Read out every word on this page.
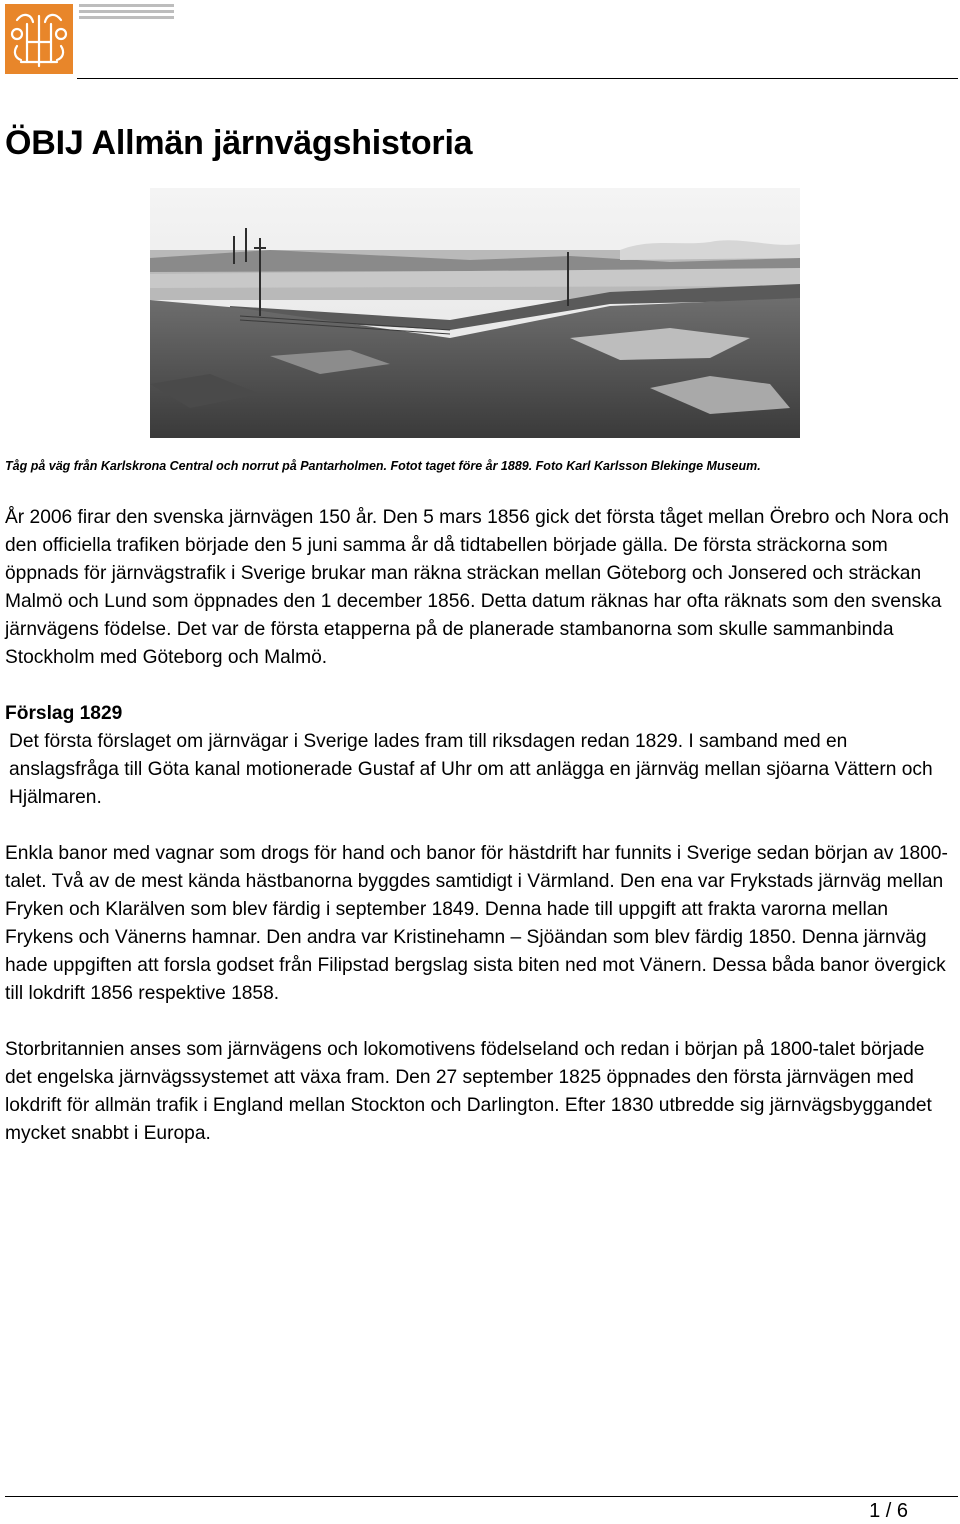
ÖBIJ Allmän järnvägshistoria
Tåg på väg från Karlskrona Central och norrut på Pantarholmen. Fotot taget före år 1889. Foto Karl Karlsson Blekinge Museum.

År 2006 firar den svenska järnvägen 150 år. Den 5 mars 1856 gick det första tåget mellan Örebro och Nora och den officiella trafiken började den 5 juni samma år då tidtabellen började gälla. De första sträckorna som öppnads för järnvägstrafik i Sverige brukar man räkna sträckan mellan Göteborg och Jonsered och sträckan Malmö och Lund som öppnades den 1 december 1856. Detta datum räknas har ofta räknats som den svenska järnvägens födelse. Det var de första etapperna på de planerade stambanorna som skulle sammanbinda Stockholm med Göteborg och Malmö.

Förslag 1829

Det första förslaget om järnvägar i Sverige lades fram till riksdagen redan 1829. I samband med en anslagsfråga till Göta kanal motionerade Gustaf af Uhr om att anlägga en järnväg mellan sjöarna Vättern och Hjälmaren.

Enkla banor med vagnar som drogs för hand och banor för hästdrift har funnits i Sverige sedan början av 1800-talet. Två av de mest kända hästbanorna byggdes samtidigt i Värmland. Den ena var Frykstads järnväg mellan Fryken och Klarälven som blev färdig i september 1849. Denna hade till uppgift att frakta varorna mellan Frykens och Vänerns hamnar. Den andra var Kristinehamn – Sjöändan som blev färdig 1850. Denna järnväg hade uppgiften att forsla godset från Filipstad bergslag sista biten ned mot Vänern. Dessa båda banor övergick till lokdrift 1856 respektive 1858.

Storbritannien anses som järnvägens och lokomotivens födelseland och redan i början på 1800-talet började det engelska järnvägssystemet att växa fram. Den 27 september 1825 öppnades den första järnvägen med lokdrift för allmän trafik i England mellan Stockton och Darlington. Efter 1830 utbredde sig järnvägsbyggandet mycket snabbt i Europa.

1 / 6
